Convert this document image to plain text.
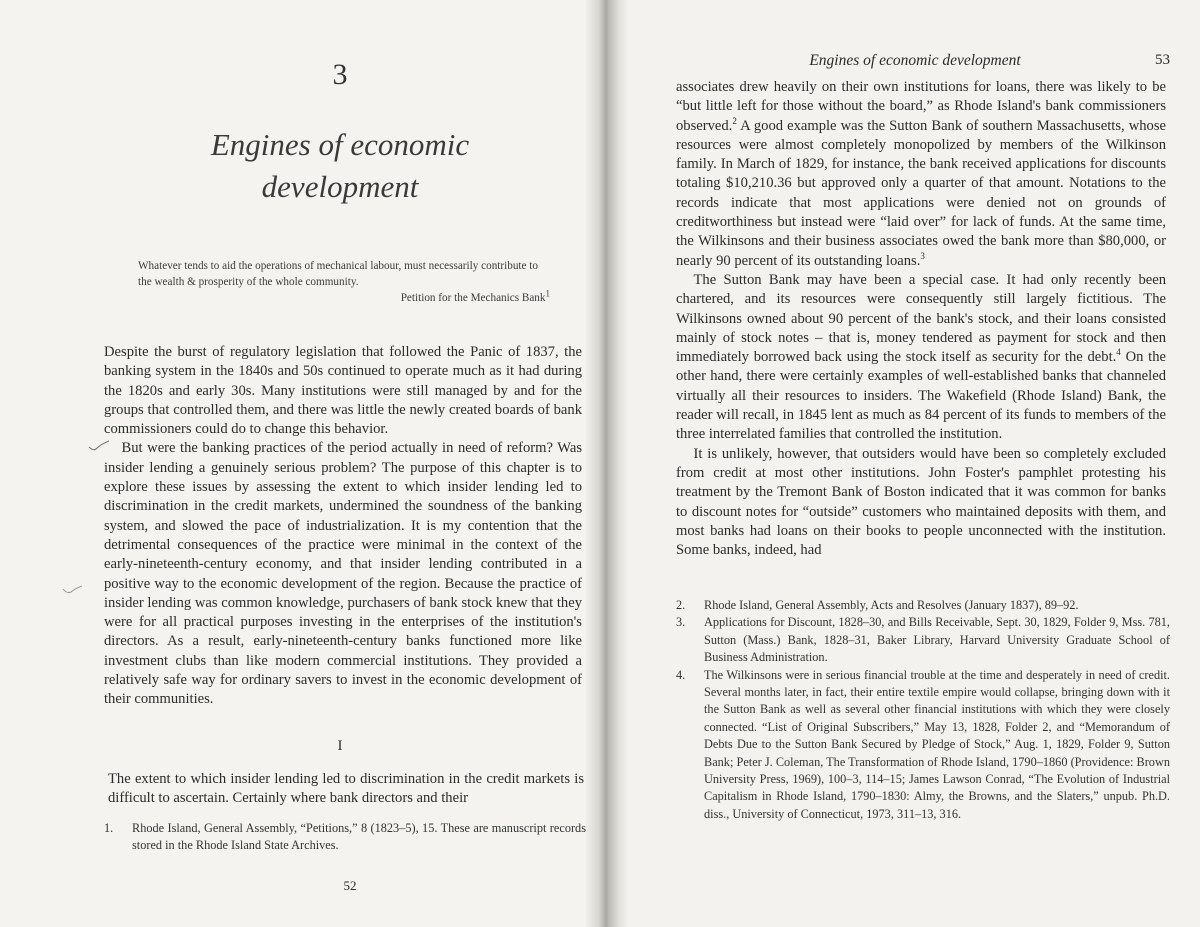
3
Engines of economic
development
Whatever tends to aid the operations of mechanical labour, must necessarily contribute to the wealth & prosperity of the whole community.
Petition for the Mechanics Bank$^1$

Despite the burst of regulatory legislation that followed the Panic of 1837, the banking system in the 1840s and 50s continued to operate much as it had during the 1820s and early 30s. Many institutions were still managed by and for the groups that controlled them, and there was little the newly created boards of bank commissioners could do to change this behavior.

But were the banking practices of the period actually in need of reform? Was insider lending a genuinely serious problem? The purpose of this chapter is to explore these issues by assessing the extent to which insider lending led to discrimination in the credit markets, undermined the soundness of the banking system, and slowed the pace of industrialization. It is my contention that the detrimental consequences of the practice were minimal in the context of the early-nineteenth-century economy, and that insider lending contributed in a positive way to the economic development of the region. Because the practice of insider lending was common knowledge, purchasers of bank stock knew that they were for all practical purposes investing in the enterprises of the institution's directors. As a result, early-nineteenth-century banks functioned more like investment clubs than like modern commercial institutions. They provided a relatively safe way for ordinary savers to invest in the economic development of their communities.

I

The extent to which insider lending led to discrimination in the credit markets is difficult to ascertain. Certainly where bank directors and their

1.	Rhode Island, General Assembly, “Petitions,” 8 (1823–5), 15. These are manuscript records stored in the Rhode Island State Archives.
52
Engines of economic development	53

associates drew heavily on their own institutions for loans, there was likely to be “but little left for those without the board,” as Rhode Island's bank commissioners observed.$^2$ A good example was the Sutton Bank of southern Massachusetts, whose resources were almost completely monopolized by members of the Wilkinson family. In March of 1829, for instance, the bank received applications for discounts totaling $10,210.36 but approved only a quarter of that amount. Notations to the records indicate that most applications were denied not on grounds of creditworthiness but instead were “laid over” for lack of funds. At the same time, the Wilkinsons and their business associates owed the bank more than $80,000, or nearly 90 percent of its outstanding loans.$^3$

The Sutton Bank may have been a special case. It had only recently been chartered, and its resources were consequently still largely fictitious. The Wilkinsons owned about 90 percent of the bank's stock, and their loans consisted mainly of stock notes – that is, money tendered as payment for stock and then immediately borrowed back using the stock itself as security for the debt.$^4$ On the other hand, there were certainly examples of well-established banks that channeled virtually all their resources to insiders. The Wakefield (Rhode Island) Bank, the reader will recall, in 1845 lent as much as 84 percent of its funds to members of the three interrelated families that controlled the institution.

It is unlikely, however, that outsiders would have been so completely excluded from credit at most other institutions. John Foster's pamphlet protesting his treatment by the Tremont Bank of Boston indicated that it was common for banks to discount notes for “outside” customers who maintained deposits with them, and most banks had loans on their books to people unconnected with the institution. Some banks, indeed, had

2.	Rhode Island, General Assembly, Acts and Resolves (January 1837), 89–92.
3.	Applications for Discount, 1828–30, and Bills Receivable, Sept. 30, 1829, Folder 9, Mss. 781, Sutton (Mass.) Bank, 1828–31, Baker Library, Harvard University Graduate School of Business Administration.
4.	The Wilkinsons were in serious financial trouble at the time and desperately in need of credit. Several months later, in fact, their entire textile empire would collapse, bringing down with it the Sutton Bank as well as several other financial institutions with which they were closely connected. “List of Original Subscribers,” May 13, 1828, Folder 2, and “Memorandum of Debts Due to the Sutton Bank Secured by Pledge of Stock,” Aug. 1, 1829, Folder 9, Sutton Bank; Peter J. Coleman, The Transformation of Rhode Island, 1790–1860 (Providence: Brown University Press, 1969), 100–3, 114–15; James Lawson Conrad, “The Evolution of Industrial Capitalism in Rhode Island, 1790–1830: Almy, the Browns, and the Slaters,” unpub. Ph.D. diss., University of Connecticut, 1973, 311–13, 316.
